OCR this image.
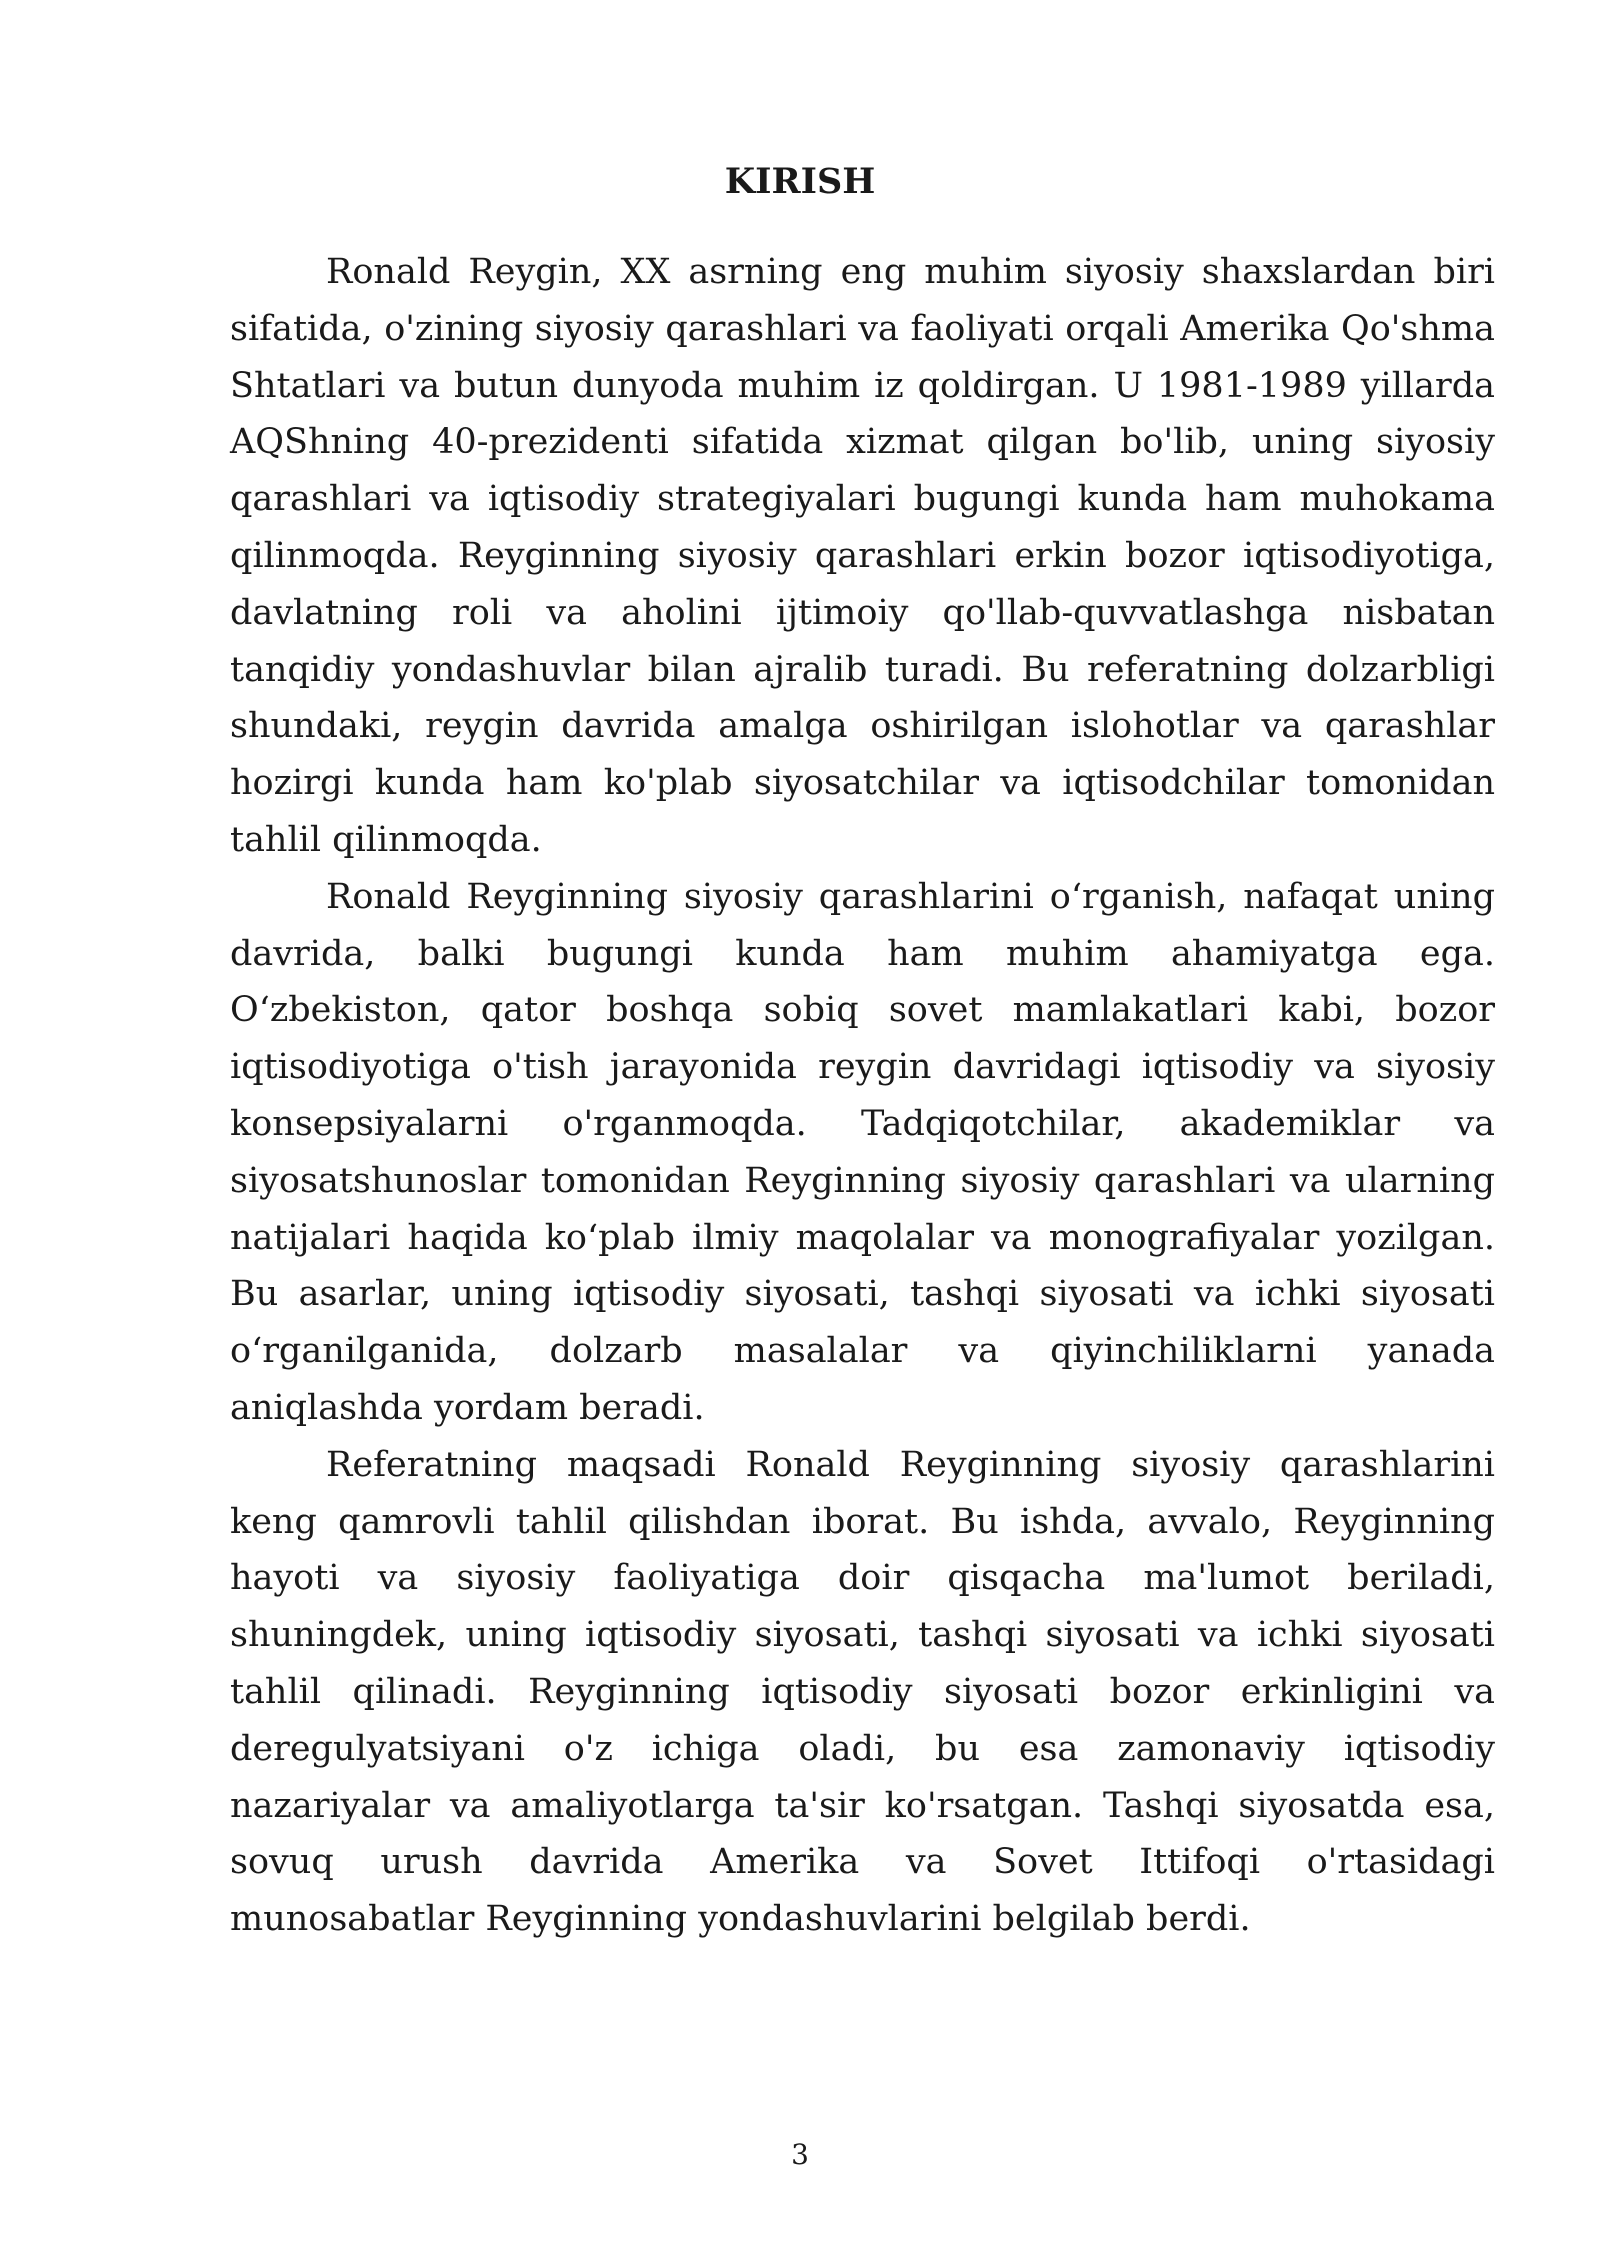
KIRISH

Ronald Reygin, XX asrning eng muhim siyosiy shaxslardan biri sifatida, o'zining siyosiy qarashlari va faoliyati orqali Amerika Qo'shma Shtatlari va butun dunyoda muhim iz qoldirgan. U 1981-1989 yillarda AQShning 40-prezidenti sifatida xizmat qilgan bo'lib, uning siyosiy qarashlari va iqtisodiy strategiyalari bugungi kunda ham muhokama qilinmoqda. Reyginning siyosiy qarashlari erkin bozor iqtisodiyotiga, davlatning roli va aholini ijtimoiy qo'llab-quvvatlashga nisbatan tanqidiy yondashuvlar bilan ajralib turadi. Bu referatning dolzarbligi shundaki, reygin davrida amalga oshirilgan islohotlar va qarashlar hozirgi kunda ham ko'plab siyosatchilar va iqtisodchilar tomonidan tahlil qilinmoqda.

Ronald Reyginning siyosiy qarashlarini oʻrganish, nafaqat uning davrida, balki bugungi kunda ham muhim ahamiyatga ega. Oʻzbekiston, qator boshqa sobiq sovet mamlakatlari kabi, bozor iqtisodiyotiga o'tish jarayonida reygin davridagi iqtisodiy va siyosiy konsepsiyalarni o'rganmoqda. Tadqiqotchilar, akademiklar va siyosatshunoslar tomonidan Reyginning siyosiy qarashlari va ularning natijalari haqida koʻplab ilmiy maqolalar va monografiyalar yozilgan. Bu asarlar, uning iqtisodiy siyosati, tashqi siyosati va ichki siyosati oʻrganilganida, dolzarb masalalar va qiyinchiliklarni yanada aniqlashda yordam beradi.

Referatning maqsadi Ronald Reyginning siyosiy qarashlarini keng qamrovli tahlil qilishdan iborat. Bu ishda, avvalo, Reyginning hayoti va siyosiy faoliyatiga doir qisqacha ma'lumot beriladi, shuningdek, uning iqtisodiy siyosati, tashqi siyosati va ichki siyosati tahlil qilinadi. Reyginning iqtisodiy siyosati bozor erkinligini va deregulyatsiyani o'z ichiga oladi, bu esa zamonaviy iqtisodiy nazariyalar va amaliyotlarga ta'sir ko'rsatgan. Tashqi siyosatda esa, sovuq urush davrida Amerika va Sovet Ittifoqi o'rtasidagi munosabatlar Reyginning yondashuvlarini belgilab berdi.

3
